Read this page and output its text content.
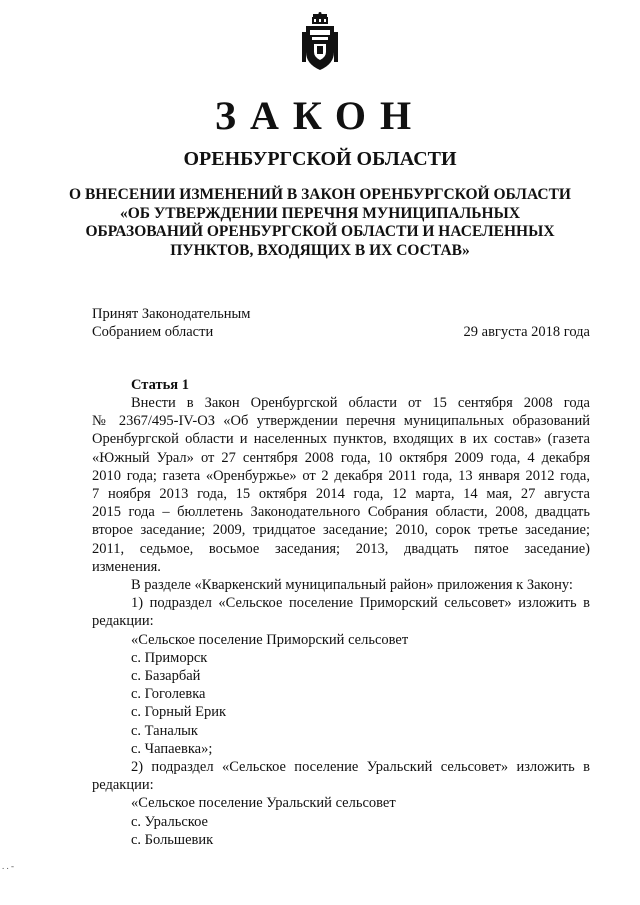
ЗАКОН
ОРЕНБУРГСКОЙ ОБЛАСТИ
О ВНЕСЕНИИ ИЗМЕНЕНИЙ В ЗАКОН ОРЕНБУРГСКОЙ ОБЛАСТИ
«ОБ УТВЕРЖДЕНИИ ПЕРЕЧНЯ МУНИЦИПАЛЬНЫХ
ОБРАЗОВАНИЙ ОРЕНБУРГСКОЙ ОБЛАСТИ И НАСЕЛЕННЫХ
ПУНКТОВ, ВХОДЯЩИХ В ИХ СОСТАВ»
Принят Законодательным
Собранием области	29 августа 2018 года
Статья 1
Внести в Закон Оренбургской области от 15 сентября 2008 года
№ 2367/495-IV-ОЗ «Об утверждении перечня муниципальных образований
Оренбургской области и населенных пунктов, входящих в их состав» (газета
«Южный Урал» от 27 сентября 2008 года, 10 октября 2009 года, 4 декабря
2010 года; газета «Оренбуржье» от 2 декабря 2011 года, 13 января 2012 года,
7 ноября 2013 года, 15 октября 2014 года, 12 марта, 14 мая, 27 августа
2015 года – бюллетень Законодательного Собрания области, 2008, двадцать
второе заседание; 2009, тридцатое заседание; 2010, сорок третье заседание;
2011, седьмое, восьмое заседания; 2013, двадцать пятое заседание)
изменения.
В разделе «Кваркенский муниципальный район» приложения к Закону:
1) подраздел «Сельское поселение Приморский сельсовет» изложить в
редакции:
«Сельское поселение Приморский сельсовет
с. Приморск
с. Базарбай
с. Гоголевка
с. Горный Ерик
с. Таналык
с. Чапаевка»;
2) подраздел «Сельское поселение Уральский сельсовет» изложить в
редакции:
«Сельское поселение Уральский сельсовет
с. Уральское
с. Большевик
. . -
